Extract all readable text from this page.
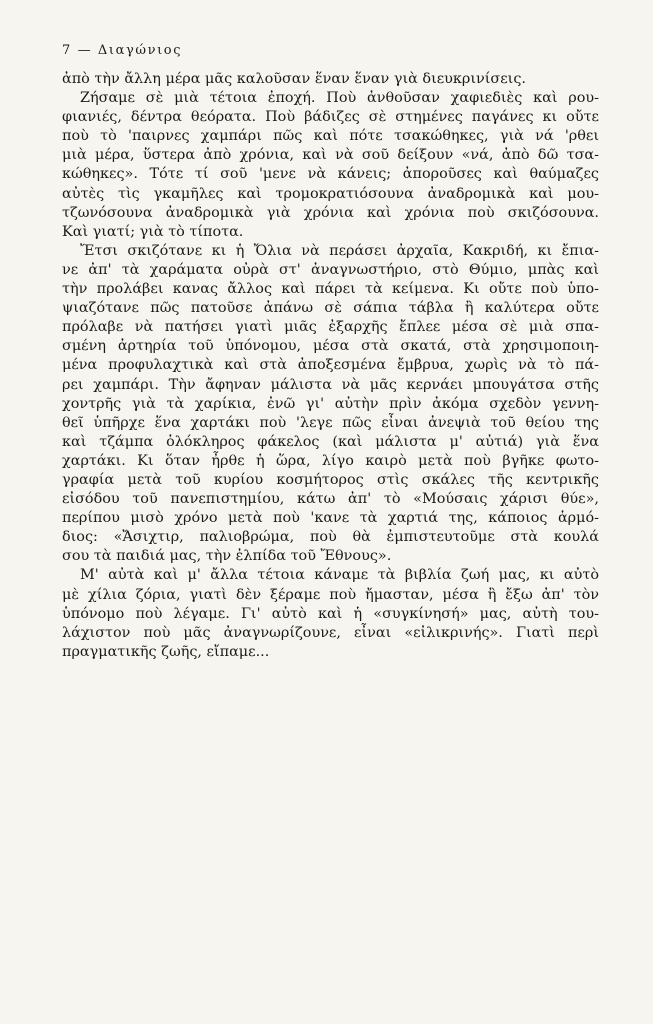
7 — Διαγώνιος
ἀπὸ τὴν ἄλλη μέρα μᾶς καλοῦσαν ἕναν ἕναν γιὰ διευκρινίσεις.
Ζήσαμε σὲ μιὰ τέτοια ἐποχή. Ποὺ ἀνθοῦσαν χαφιεδιὲς καὶ ρου-
φιανιές, δέντρα θεόρατα. Ποὺ βάδιζες σὲ στημένες παγάνες κι οὔτε
ποὺ τὸ 'παιρνες χαμπάρι πῶς καὶ πότε τσακώθηκες, γιὰ νά 'ρθει
μιὰ μέρα, ὕστερα ἀπὸ χρόνια, καὶ νὰ σοῦ δείξουν «νά, ἀπὸ δῶ τσα-
κώθηκες». Τότε τί σοῦ 'μενε νὰ κάνεις; ἀποροῦσες καὶ θαύμαζες
αὐτὲς τὶς γκαμῆλες καὶ τρομοκρατιόσουνα ἀναδρομικὰ καὶ μου-
τζωνόσουνα ἀναδρομικὰ γιὰ χρόνια καὶ χρόνια ποὺ σκιζόσουνα.
Καὶ γιατί; γιὰ τὸ τίποτα.
Ἔτσι σκιζότανε κι ἡ Ὄλια νὰ περάσει ἀρχαῖα, Κακριδή, κι ἔπια-
νε ἀπ' τὰ χαράματα οὐρὰ στ' ἀναγνωστήριο, στὸ Θύμιο, μπὰς καὶ
τὴν προλάβει κανας ἄλλος καὶ πάρει τὰ κείμενα. Κι οὔτε ποὺ ὑπο-
ψιαζότανε πῶς πατοῦσε ἀπάνω σὲ σάπια τάβλα ἢ καλύτερα οὔτε
πρόλαβε νὰ πατήσει γιατὶ μιᾶς ἐξαρχῆς ἔπλεε μέσα σὲ μιὰ σπα-
σμένη ἀρτηρία τοῦ ὑπόνομου, μέσα στὰ σκατά, στὰ χρησιμοποιη-
μένα προφυλαχτικὰ καὶ στὰ ἀποξεσμένα ἔμβρυα, χωρὶς νὰ τὸ πά-
ρει χαμπάρι. Τὴν ἄφηναν μάλιστα νὰ μᾶς κερνάει μπουγάτσα στῆς
χοντρῆς γιὰ τὰ χαρίκια, ἐνῶ γι' αὐτὴν πρὶν ἀκόμα σχεδὸν γεννη-
θεῖ ὑπῆρχε ἕνα χαρτάκι ποὺ 'λεγε πῶς εἶναι ἀνεψιὰ τοῦ θείου της
καὶ τζάμπα ὁλόκληρος φάκελος (καὶ μάλιστα μ' αὐτιά) γιὰ ἕνα
χαρτάκι. Κι ὅταν ἦρθε ἡ ὥρα, λίγο καιρὸ μετὰ ποὺ βγῆκε φωτο-
γραφία μετὰ τοῦ κυρίου κοσμήτορος στὶς σκάλες τῆς κεντρικῆς
εἰσόδου τοῦ πανεπιστημίου, κάτω ἀπ' τὸ «Μούσαις χάρισι θύε»,
περίπου μισὸ χρόνο μετὰ ποὺ 'κανε τὰ χαρτιά της, κάποιος ἁρμό-
διος: «Ἄσιχτιρ, παλιοβρώμα, ποὺ θὰ ἐμπιστευτοῦμε στὰ κουλά
σου τὰ παιδιά μας, τὴν ἐλπίδα τοῦ Ἔθνους».
Μ' αὐτὰ καὶ μ' ἄλλα τέτοια κάναμε τὰ βιβλία ζωή μας, κι αὐτὸ
μὲ χίλια ζόρια, γιατὶ δὲν ξέραμε ποὺ ἤμασταν, μέσα ἢ ἔξω ἀπ' τὸν
ὑπόνομο ποὺ λέγαμε. Γι' αὐτὸ καὶ ἡ «συγκίνησή» μας, αὐτὴ του-
λάχιστον ποὺ μᾶς ἀναγνωρίζουνε, εἶναι «εἰλικρινής». Γιατὶ περὶ
πραγματικῆς ζωῆς, εἴπαμε...
